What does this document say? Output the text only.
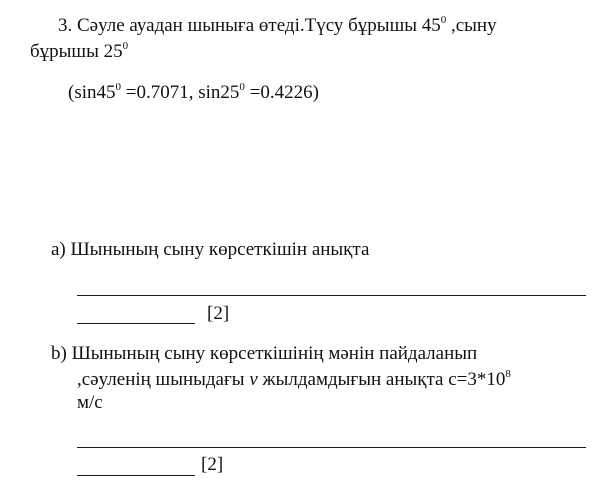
3. Сәуле ауадан шыныға өтеді.Түсу бұрышы $45^0$ ,сыну
бұрышы $25^0$
($\sin 45^0 =0.7071$, $\sin 25^0 =0.4226$)
a) Шынының сыну көрсеткішін анықта
[2]
b) Шынының сыну көрсеткішінің мәнін пайдаланып
,сәуленің шыныдағы v жылдамдығын анықта $с=3*10^8$
м/с
[2]
